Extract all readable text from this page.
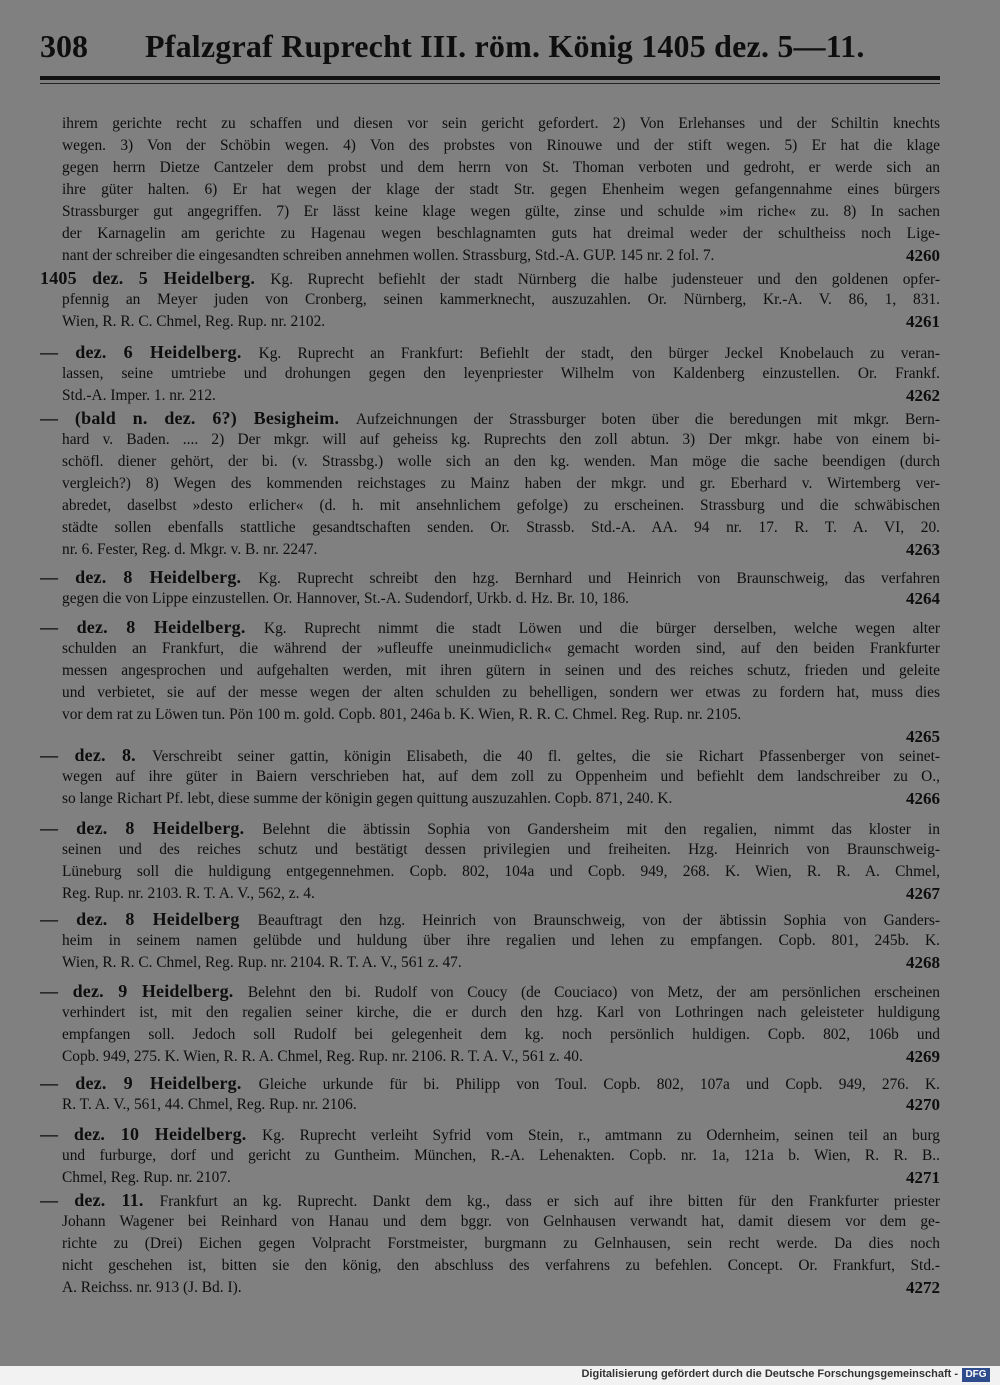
308 Pfalzgraf Ruprecht III. röm. König 1405 dez. 5—11.
ihrem gerichte recht zu schaffen und diesen vor sein gericht gefordert. 2) Von Erlehanses und der Schiltin knechts
wegen. 3) Von der Schöbin wegen. 4) Von des probstes von Rinouwe und der stift wegen. 5) Er hat die klage
gegen herrn Dietze Cantzeler dem probst und dem herrn von St. Thoman verboten und gedroht, er werde sich an
ihre güter halten. 6) Er hat wegen der klage der stadt Str. gegen Ehenheim wegen gefangennahme eines bürgers
Strassburger gut angegriffen. 7) Er lässt keine klage wegen gülte, zinse und schulde »im riche« zu. 8) In sachen
der Karnagelin am gerichte zu Hagenau wegen beschlagnamten guts hat dreimal weder der schultheiss noch Lige-
4260
nant der schreiber die eingesandten schreiben annehmen wollen. Strassburg, Std.-A. GUP. 145 nr. 2 fol. 7.
1405 dez. 5 Heidelberg. Kg. Ruprecht befiehlt der stadt Nürnberg die halbe judensteuer und den goldenen opfer-
pfennig an Meyer juden von Cronberg, seinen kammerknecht, auszuzahlen. Or. Nürnberg, Kr.-A. V. 86, 1, 831.
4261
Wien, R. R. C. Chmel, Reg. Rup. nr. 2102.
— dez. 6 Heidelberg. Kg. Ruprecht an Frankfurt: Befiehlt der stadt, den bürger Jeckel Knobelauch zu veran-
lassen, seine umtriebe und drohungen gegen den leyenpriester Wilhelm von Kaldenberg einzustellen. Or. Frankf.
4262
Std.-A. Imper. 1. nr. 212.
— (bald n. dez. 6?) Besigheim. Aufzeichnungen der Strassburger boten über die beredungen mit mkgr. Bern-
hard v. Baden. .... 2) Der mkgr. will auf geheiss kg. Ruprechts den zoll abtun. 3) Der mkgr. habe von einem bi-
schöfl. diener gehört, der bi. (v. Strassbg.) wolle sich an den kg. wenden. Man möge die sache beendigen (durch
vergleich?) 8) Wegen des kommenden reichstages zu Mainz haben der mkgr. und gr. Eberhard v. Wirtemberg ver-
abredet, daselbst »desto erlicher« (d. h. mit ansehnlichem gefolge) zu erscheinen. Strassburg und die schwäbischen
städte sollen ebenfalls stattliche gesandtschaften senden. Or. Strassb. Std.-A. AA. 94 nr. 17. R. T. A. VI, 20.
4263
nr. 6. Fester, Reg. d. Mkgr. v. B. nr. 2247.
— dez. 8 Heidelberg. Kg. Ruprecht schreibt den hzg. Bernhard und Heinrich von Braunschweig, das verfahren
4264
gegen die von Lippe einzustellen. Or. Hannover, St.-A. Sudendorf, Urkb. d. Hz. Br. 10, 186.
— dez. 8 Heidelberg. Kg. Ruprecht nimmt die stadt Löwen und die bürger derselben, welche wegen alter
schulden an Frankfurt, die während der »ufleuffe uneinmudiclich« gemacht worden sind, auf den beiden Frankfurter
messen angesprochen und aufgehalten werden, mit ihren gütern in seinen und des reiches schutz, frieden und geleite
und verbietet, sie auf der messe wegen der alten schulden zu behelligen, sondern wer etwas zu fordern hat, muss dies
vor dem rat zu Löwen tun. Pön 100 m. gold. Copb. 801, 246a b. K. Wien, R. R. C. Chmel. Reg. Rup. nr. 2105.
4265
— dez. 8. Verschreibt seiner gattin, königin Elisabeth, die 40 fl. geltes, die sie Richart Pfassenberger von seinet-
wegen auf ihre güter in Baiern verschrieben hat, auf dem zoll zu Oppenheim und befiehlt dem landschreiber zu O.,
4266
so lange Richart Pf. lebt, diese summe der königin gegen quittung auszuzahlen. Copb. 871, 240. K.
— dez. 8 Heidelberg. Belehnt die äbtissin Sophia von Gandersheim mit den regalien, nimmt das kloster in
seinen und des reiches schutz und bestätigt dessen privilegien und freiheiten. Hzg. Heinrich von Braunschweig-
Lüneburg soll die huldigung entgegennehmen. Copb. 802, 104a und Copb. 949, 268. K. Wien, R. R. A. Chmel,
4267
Reg. Rup. nr. 2103. R. T. A. V., 562, z. 4.
— dez. 8 Heidelberg Beauftragt den hzg. Heinrich von Braunschweig, von der äbtissin Sophia von Ganders-
heim in seinem namen gelübde und huldung über ihre regalien und lehen zu empfangen. Copb. 801, 245b. K.
4268
Wien, R. R. C. Chmel, Reg. Rup. nr. 2104. R. T. A. V., 561 z. 47.
— dez. 9 Heidelberg. Belehnt den bi. Rudolf von Coucy (de Couciaco) von Metz, der am persönlichen erscheinen
verhindert ist, mit den regalien seiner kirche, die er durch den hzg. Karl von Lothringen nach geleisteter huldigung
empfangen soll. Jedoch soll Rudolf bei gelegenheit dem kg. noch persönlich huldigen. Copb. 802, 106b und
4269
Copb. 949, 275. K. Wien, R. R. A. Chmel, Reg. Rup. nr. 2106. R. T. A. V., 561 z. 40.
— dez. 9 Heidelberg. Gleiche urkunde für bi. Philipp von Toul. Copb. 802, 107a und Copb. 949, 276. K.
4270
R. T. A. V., 561, 44. Chmel, Reg. Rup. nr. 2106.
— dez. 10 Heidelberg. Kg. Ruprecht verleiht Syfrid vom Stein, r., amtmann zu Odernheim, seinen teil an burg
und furburge, dorf und gericht zu Guntheim. München, R.-A. Lehenakten. Copb. nr. 1a, 121a b. Wien, R. R. B..
4271
Chmel, Reg. Rup. nr. 2107.
— dez. 11. Frankfurt an kg. Ruprecht. Dankt dem kg., dass er sich auf ihre bitten für den Frankfurter priester
Johann Wagener bei Reinhard von Hanau und dem bggr. von Gelnhausen verwandt hat, damit diesem vor dem ge-
richte zu (Drei) Eichen gegen Volpracht Forstmeister, burgmann zu Gelnhausen, sein recht werde. Da dies noch
nicht geschehen ist, bitten sie den könig, den abschluss des verfahrens zu befehlen. Concept. Or. Frankfurt, Std.-
4272
A. Reichss. nr. 913 (J. Bd. I).
Digitalisierung gefördert durch die Deutsche Forschungsgemeinschaft - DFG
